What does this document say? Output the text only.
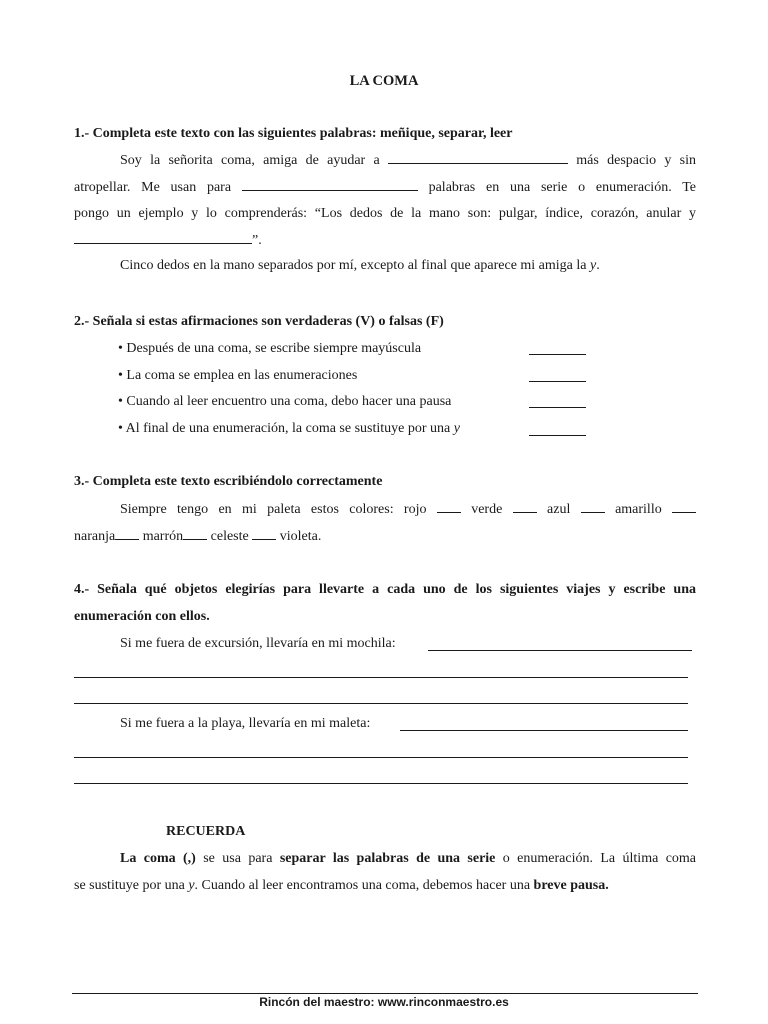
LA COMA
1.- Completa este texto con las siguientes palabras: meñique, separar, leer
Soy la señorita coma, amiga de ayudar a	más despacio y sin
atropellar. Me usan para	palabras en una serie o enumeración. Te
pongo un ejemplo y lo comprenderás: “Los dedos de la mano son: pulgar, índice, corazón, anular y
”.
Cinco dedos en la mano separados por mí, excepto al final que aparece mi amiga la y.
2.- Señala si estas afirmaciones son verdaderas (V) o falsas (F)
• Después de una coma, se escribe siempre mayúscula
• La coma se emplea en las enumeraciones
• Cuando al leer encuentro una coma, debo hacer una pausa
• Al final de una enumeración, la coma se sustituye por una y
3.- Completa este texto escribiéndolo correctamente
Siempre tengo en mi paleta estos colores: rojo	verde	azul	amarillo
naranja marrón celeste violeta.
4.- Señala qué objetos elegirías para llevarte a cada uno de los siguientes viajes y escribe una
enumeración con ellos.
Si me fuera de excursión, llevaría en mi mochila:
Si me fuera a la playa, llevaría en mi maleta:
RECUERDA
La coma (,) se usa para separar las palabras de una serie o enumeración. La última coma
se sustituye por una y. Cuando al leer encontramos una coma, debemos hacer una breve pausa.
Rincón del maestro: www.rinconmaestro.es
